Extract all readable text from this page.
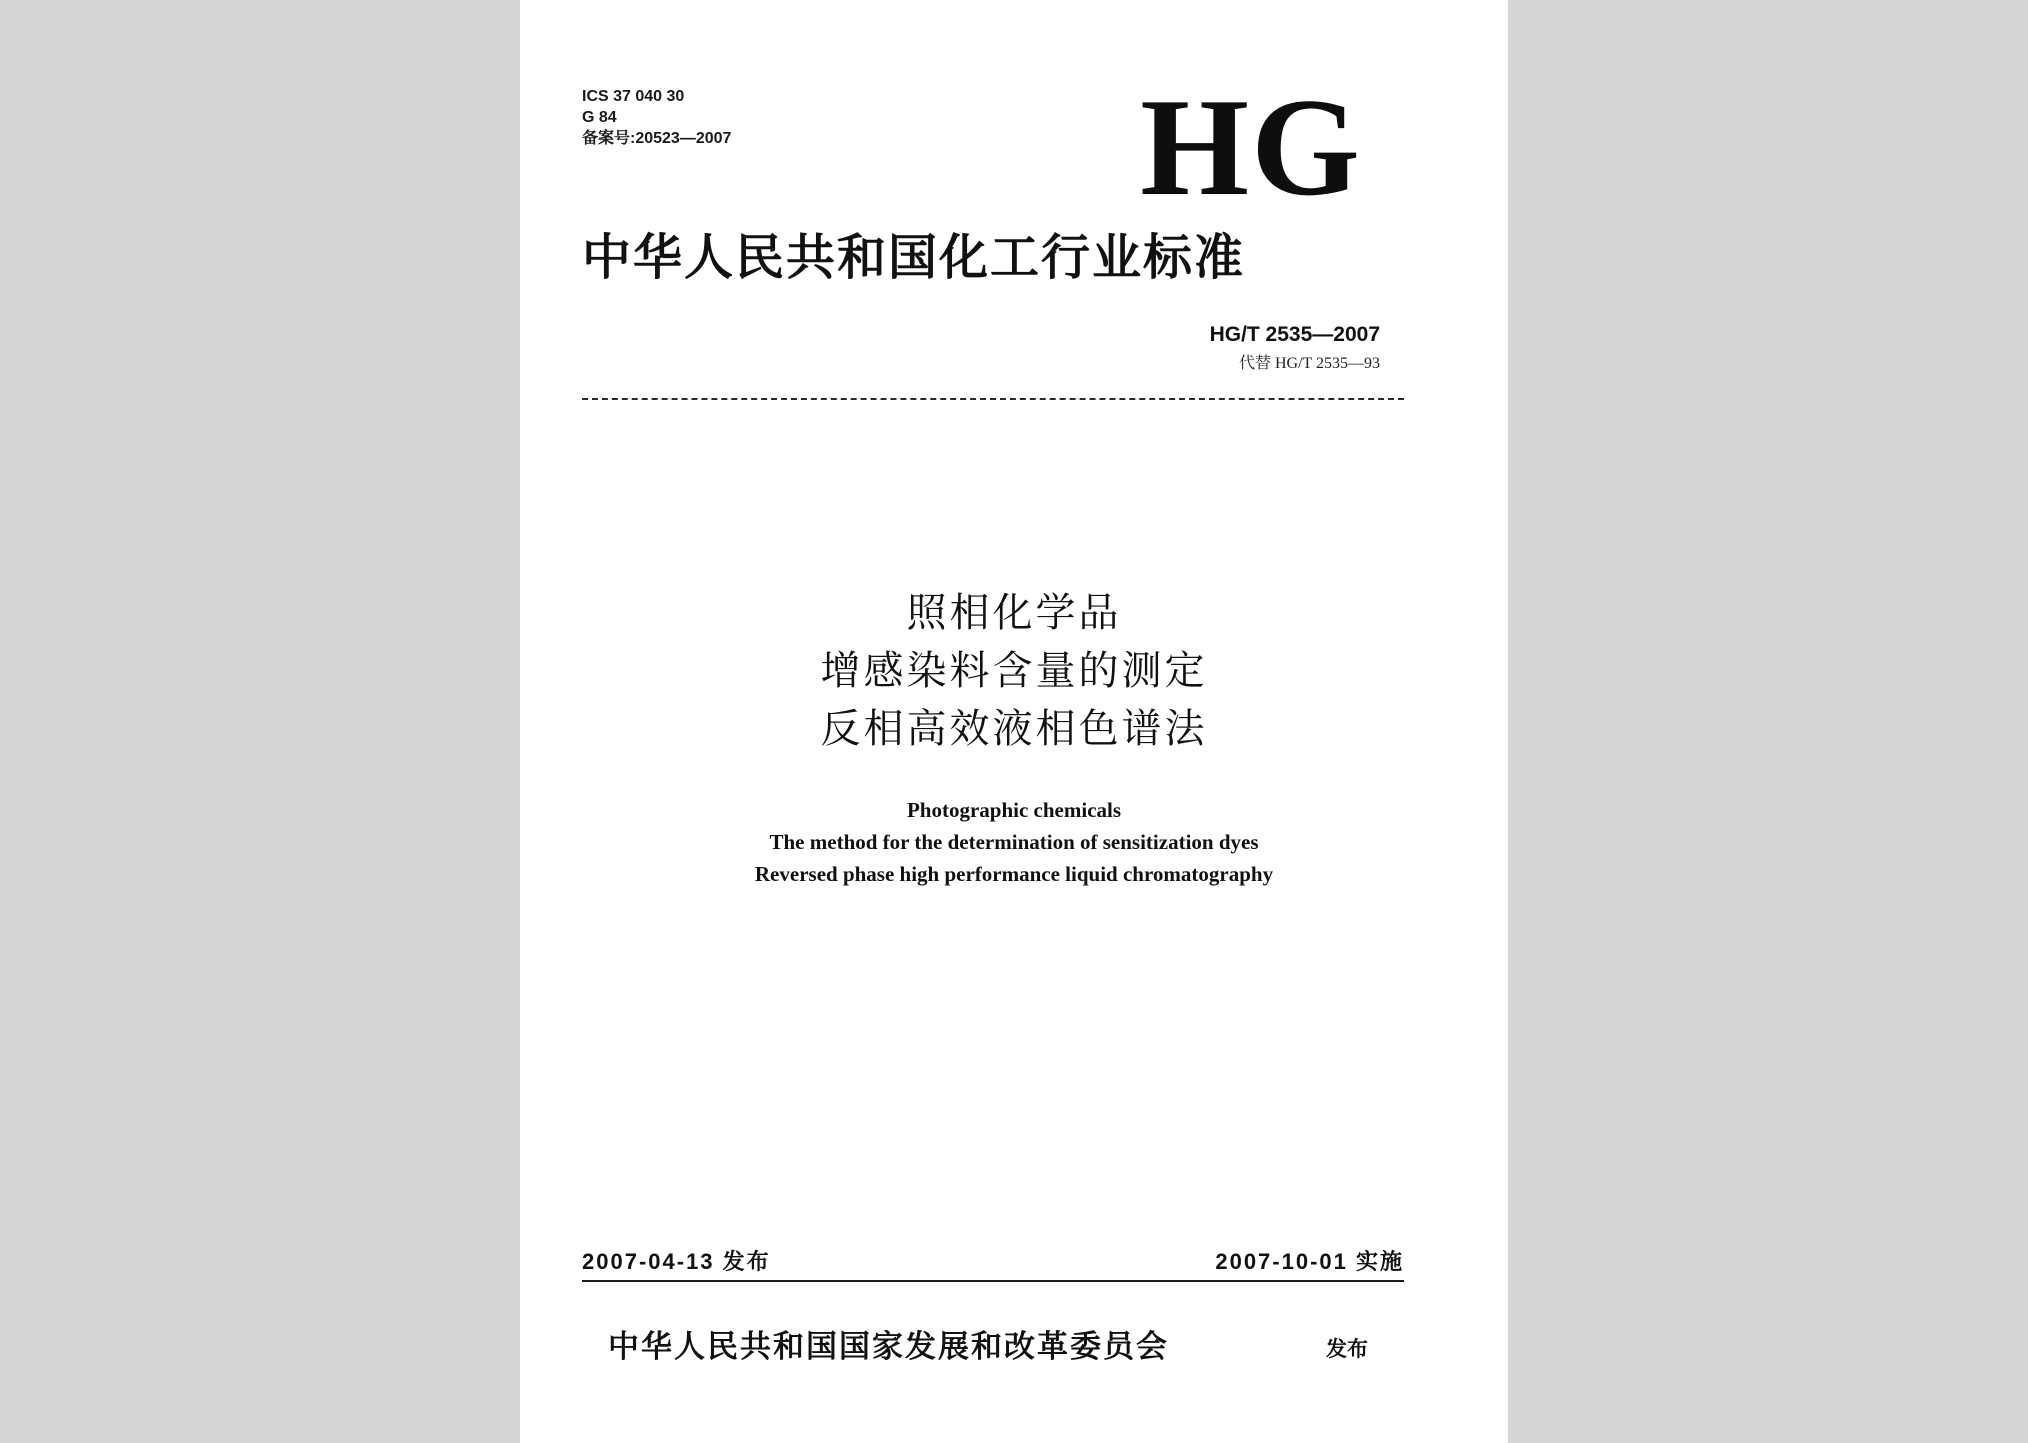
ICS 37 040 30
G 84
备案号:20523—2007	HG
中华人民共和国化工行业标准
HG/T 2535—2007
代替 HG/T 2535—93
照相化学品
增感染料含量的测定
反相高效液相色谱法
Photographic chemicals
The method for the determination of sensitization dyes
Reversed phase high performance liquid chromatography
2007-04-13 发布	2007-10-01 实施
中华人民共和国国家发展和改革委员会	发布
